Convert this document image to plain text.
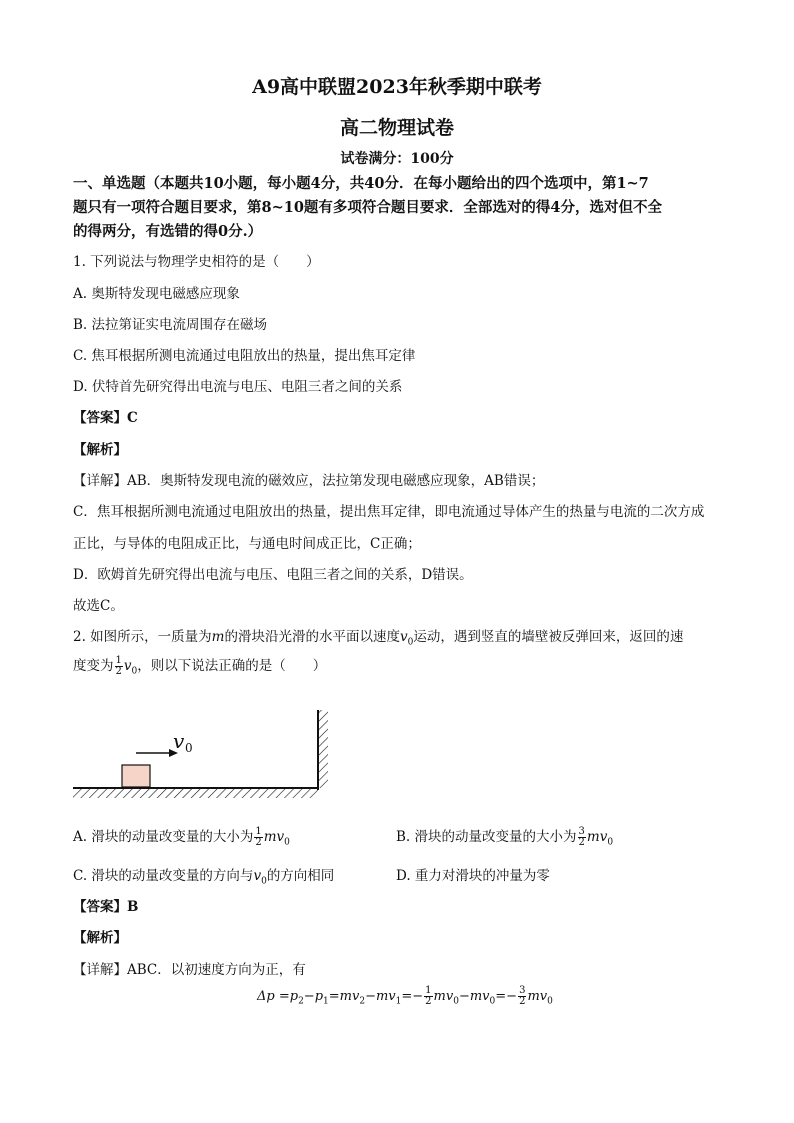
A9高中联盟2023年秋季期中联考
高二物理试卷
试卷满分：100分
一、单选题（本题共10小题，每小题4分，共40分．在每小题给出的四个选项中，第1~7
题只有一项符合题目要求，第8~10题有多项符合题目要求．全部选对的得4分，选对但不全
的得两分，有选错的得0分.）
1. 下列说法与物理学史相符的是（　　）
A. 奥斯特发现电磁感应现象
B. 法拉第证实电流周围存在磁场
C. 焦耳根据所测电流通过电阻放出的热量，提出焦耳定律
D. 伏特首先研究得出电流与电压、电阻三者之间的关系
【答案】C
【解析】
【详解】AB．奥斯特发现电流的磁效应，法拉第发现电磁感应现象，AB错误；
C．焦耳根据所测电流通过电阻放出的热量，提出焦耳定律，即电流通过导体产生的热量与电流的二次方成
正比，与导体的电阻成正比，与通电时间成正比，C正确；
D．欧姆首先研究得出电流与电压、电阻三者之间的关系，D错误。
故选C。
2. 如图所示，一质量为m的滑块沿光滑的水平面以速度$v_0$运动，遇到竖直的墙壁被反弹回来，返回的速
度变为 $\frac{1}{2} v_0$，则以下说法正确的是（　　）
v 0
A. 滑块的动量改变量的大小为 $\frac{1}{2} mv_0$	B. 滑块的动量改变量的大小为 $\frac{3}{2} mv_0$
C. 滑块的动量改变量的方向与$v_0$的方向相同	D. 重力对滑块的冲量为零
【答案】B
【解析】
【详解】ABC．以初速度方向为正，有
$\Delta p =p_2-p_1=mv_2-mv_1=- \frac{1}{2} mv_0-mv_0=- \frac{3}{2} mv_0$
